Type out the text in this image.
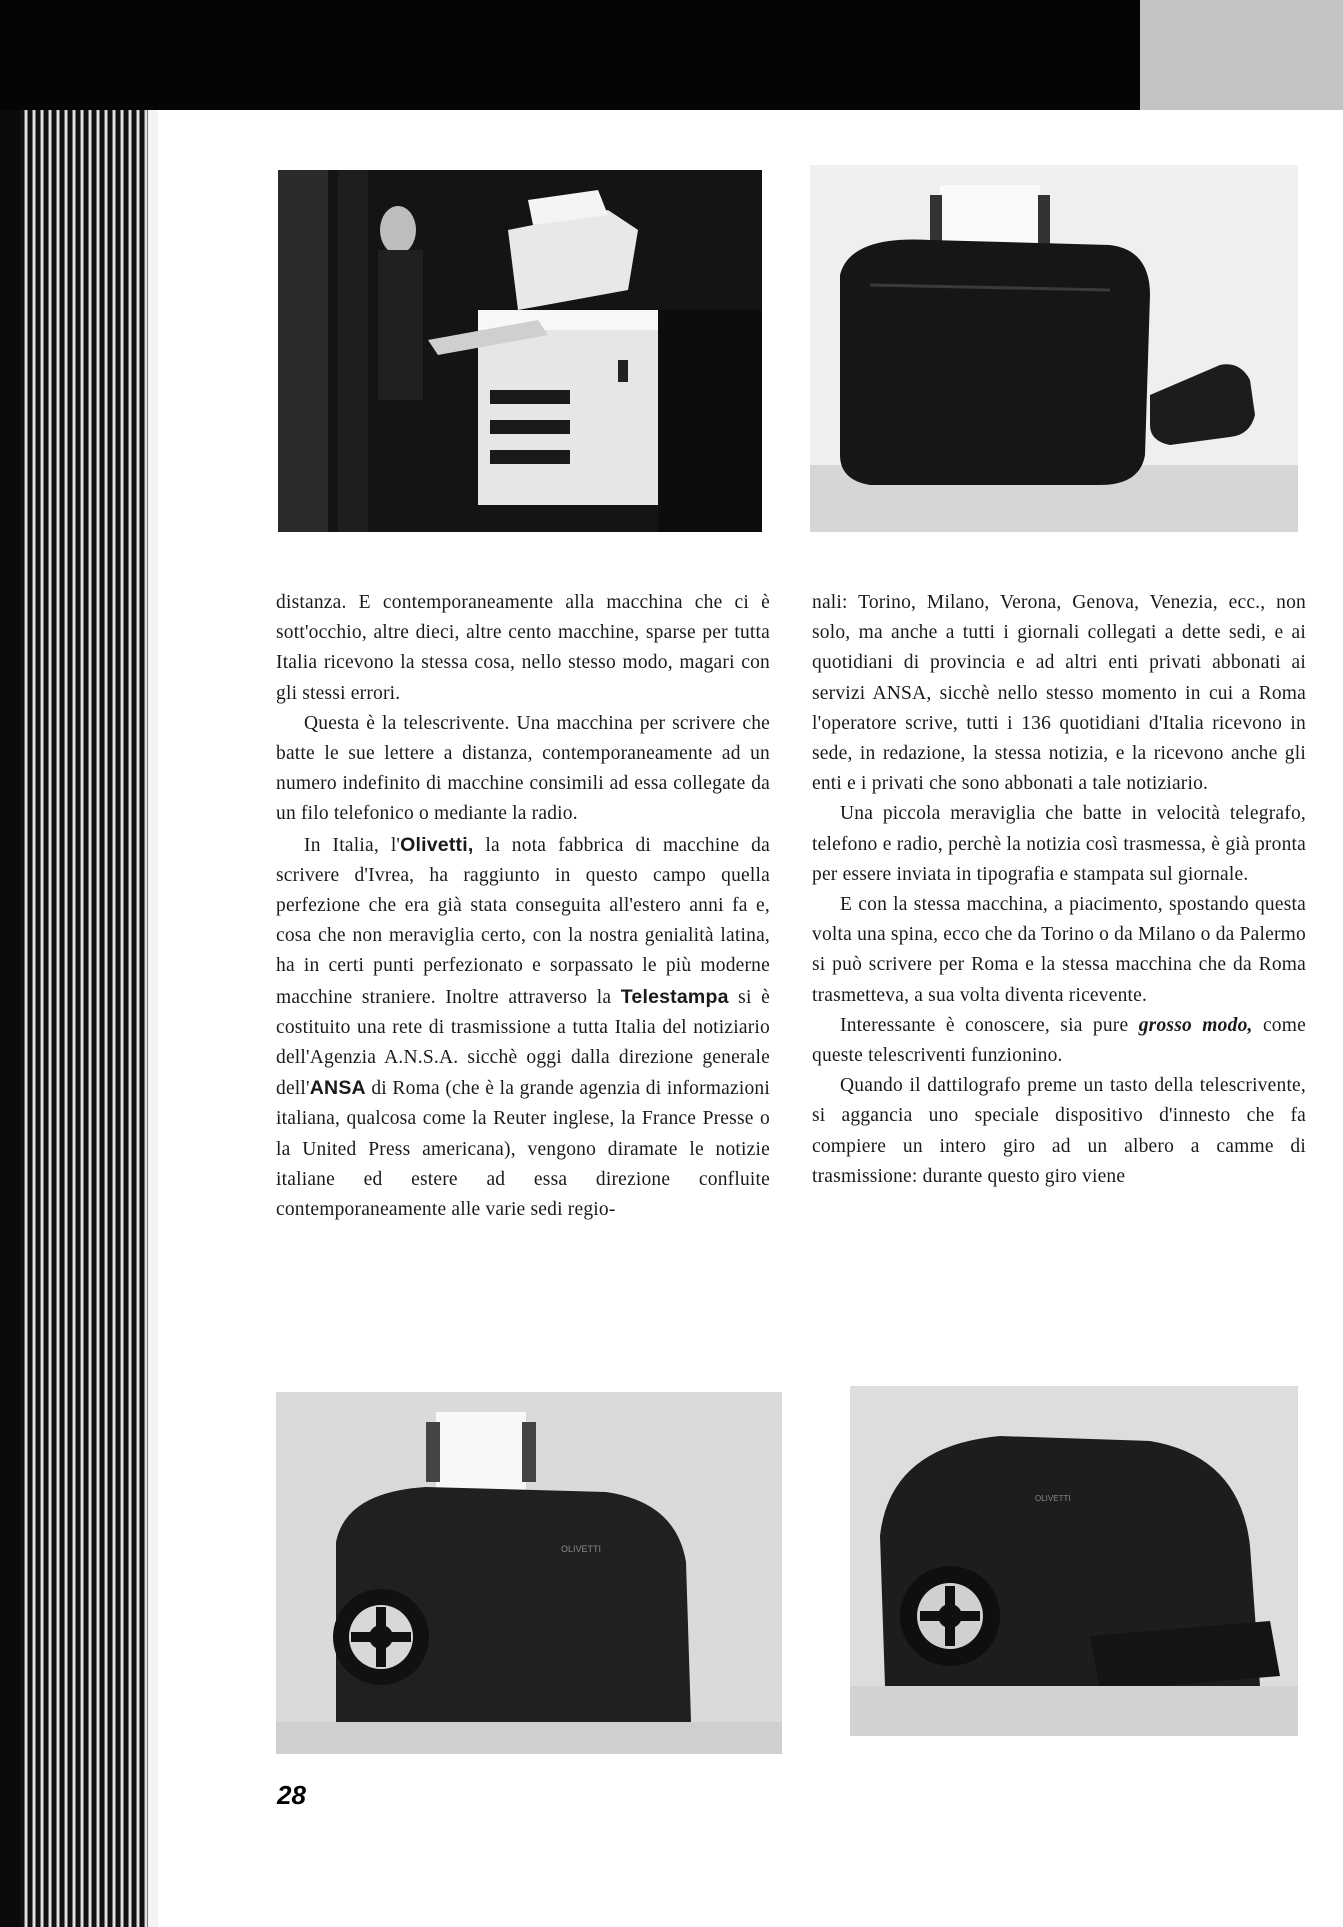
distanza. E contemporaneamente alla macchina che ci è sott'occhio, altre dieci, altre cento macchine, sparse per tutta Italia ricevono la stessa cosa, nello stesso modo, magari con gli stessi errori.

Questa è la telescrivente. Una macchina per scrivere che batte le sue lettere a distanza, contemporaneamente ad un numero indefinito di macchine consimili ad essa collegate da un filo telefonico o mediante la radio.

In Italia, l'Olivetti, la nota fabbrica di macchine da scrivere d'Ivrea, ha raggiunto in questo campo quella perfezione che era già stata conseguita all'estero anni fa e, cosa che non meraviglia certo, con la nostra genialità latina, ha in certi punti perfezionato e sorpassato le più moderne macchine straniere. Inoltre attraverso la Telestampa si è costituito una rete di trasmissione a tutta Italia del notiziario dell'Agenzia A.N.S.A. sicchè oggi dalla direzione generale dell'ANSA di Roma (che è la grande agenzia di informazioni italiana, qualcosa come la Reuter inglese, la France Presse o la United Press americana), vengono diramate le notizie italiane ed estere ad essa direzione confluite contemporaneamente alle varie sedi regio-

nali: Torino, Milano, Verona, Genova, Venezia, ecc., non solo, ma anche a tutti i giornali collegati a dette sedi, e ai quotidiani di provincia e ad altri enti privati abbonati ai servizi ANSA, sicchè nello stesso momento in cui a Roma l'operatore scrive, tutti i 136 quotidiani d'Italia ricevono in sede, in redazione, la stessa notizia, e la ricevono anche gli enti e i privati che sono abbonati a tale notiziario.

Una piccola meraviglia che batte in velocità telegrafo, telefono e radio, perchè la notizia così trasmessa, è già pronta per essere inviata in tipografia e stampata sul giornale.

E con la stessa macchina, a piacimento, spostando questa volta una spina, ecco che da Torino o da Milano o da Palermo si può scrivere per Roma e la stessa macchina che da Roma trasmetteva, a sua volta diventa ricevente.

Interessante è conoscere, sia pure grosso modo, come queste telescriventi funzionino.

Quando il dattilografo preme un tasto della telescrivente, si aggancia uno speciale dispositivo d'innesto che fa compiere un intero giro ad un albero a camme di trasmissione: durante questo giro viene

OLIVETTI
OLIVETTI
28
